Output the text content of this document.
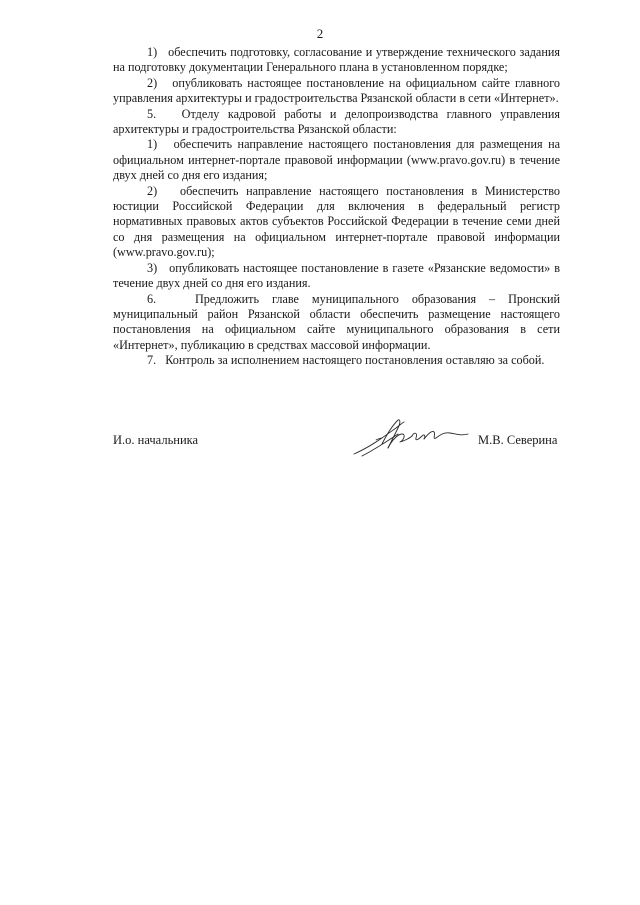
2

1)   обеспечить подготовку, согласование и утверждение технического задания на подготовку документации Генерального плана в установленном порядке;

2)   опубликовать настоящее постановление на официальном сайте главного управления архитектуры и градостроительства Рязанской области в сети «Интернет».

5.   Отделу кадровой работы и делопроизводства главного управления архитектуры и градостроительства Рязанской области:

1)   обеспечить направление настоящего постановления для размещения на официальном интернет-портале правовой информации (www.pravo.gov.ru) в течение двух дней со дня его издания;

2)   обеспечить направление настоящего постановления в Министерство юстиции Российской Федерации для включения в федеральный регистр нормативных правовых актов субъектов Российской Федерации в течение семи дней со дня размещения на официальном интернет-портале правовой информации (www.pravo.gov.ru);

3)   опубликовать настоящее постановление в газете «Рязанские ведомости» в течение двух дней со дня его издания.

6.   Предложить главе муниципального образования – Пронский муниципальный район Рязанской области обеспечить размещение настоящего постановления на официальном сайте муниципального образования в сети «Интернет», публикацию в средствах массовой информации.

7.   Контроль за исполнением настоящего постановления оставляю за собой.

И.о. начальника	М.В. Северина
